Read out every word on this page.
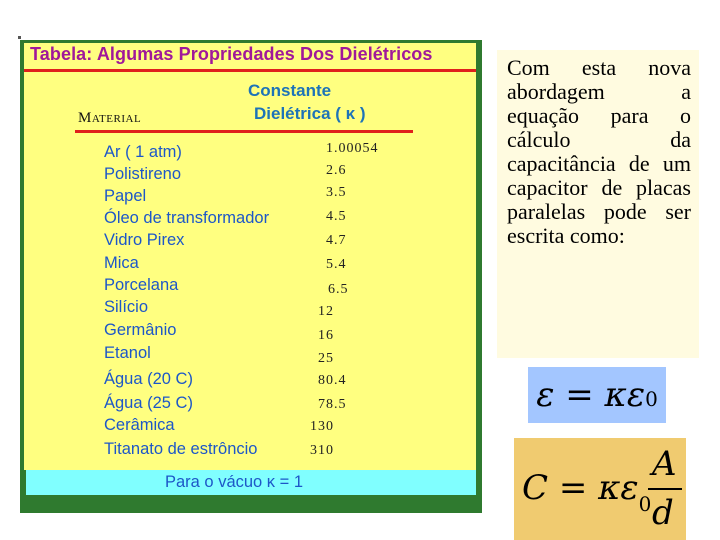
Tabela: Algumas Propriedades Dos Dielétricos
Constante
Dielétrica ( κ )
Material
Ar ( 1 atm)	1.00054
Polistireno	2.6
Papel	3.5
Óleo de transformador	4.5
Vidro Pirex	4.7
Mica	5.4
Porcelana	6.5
Silício	12
Germânio	16
Etanol	25
Água (20 C)	80.4
Água (25 C)	78.5
Cerâmica	130
Titanato de estrôncio	310
Para o vácuo κ = 1

Com esta nova abordagem a equação para o cálculo da capacitância de um capacitor de placas paralelas pode ser escrita como:

$\varepsilon = \kappa\varepsilon_0$
$C = \kappa\varepsilon_0$
A
d
